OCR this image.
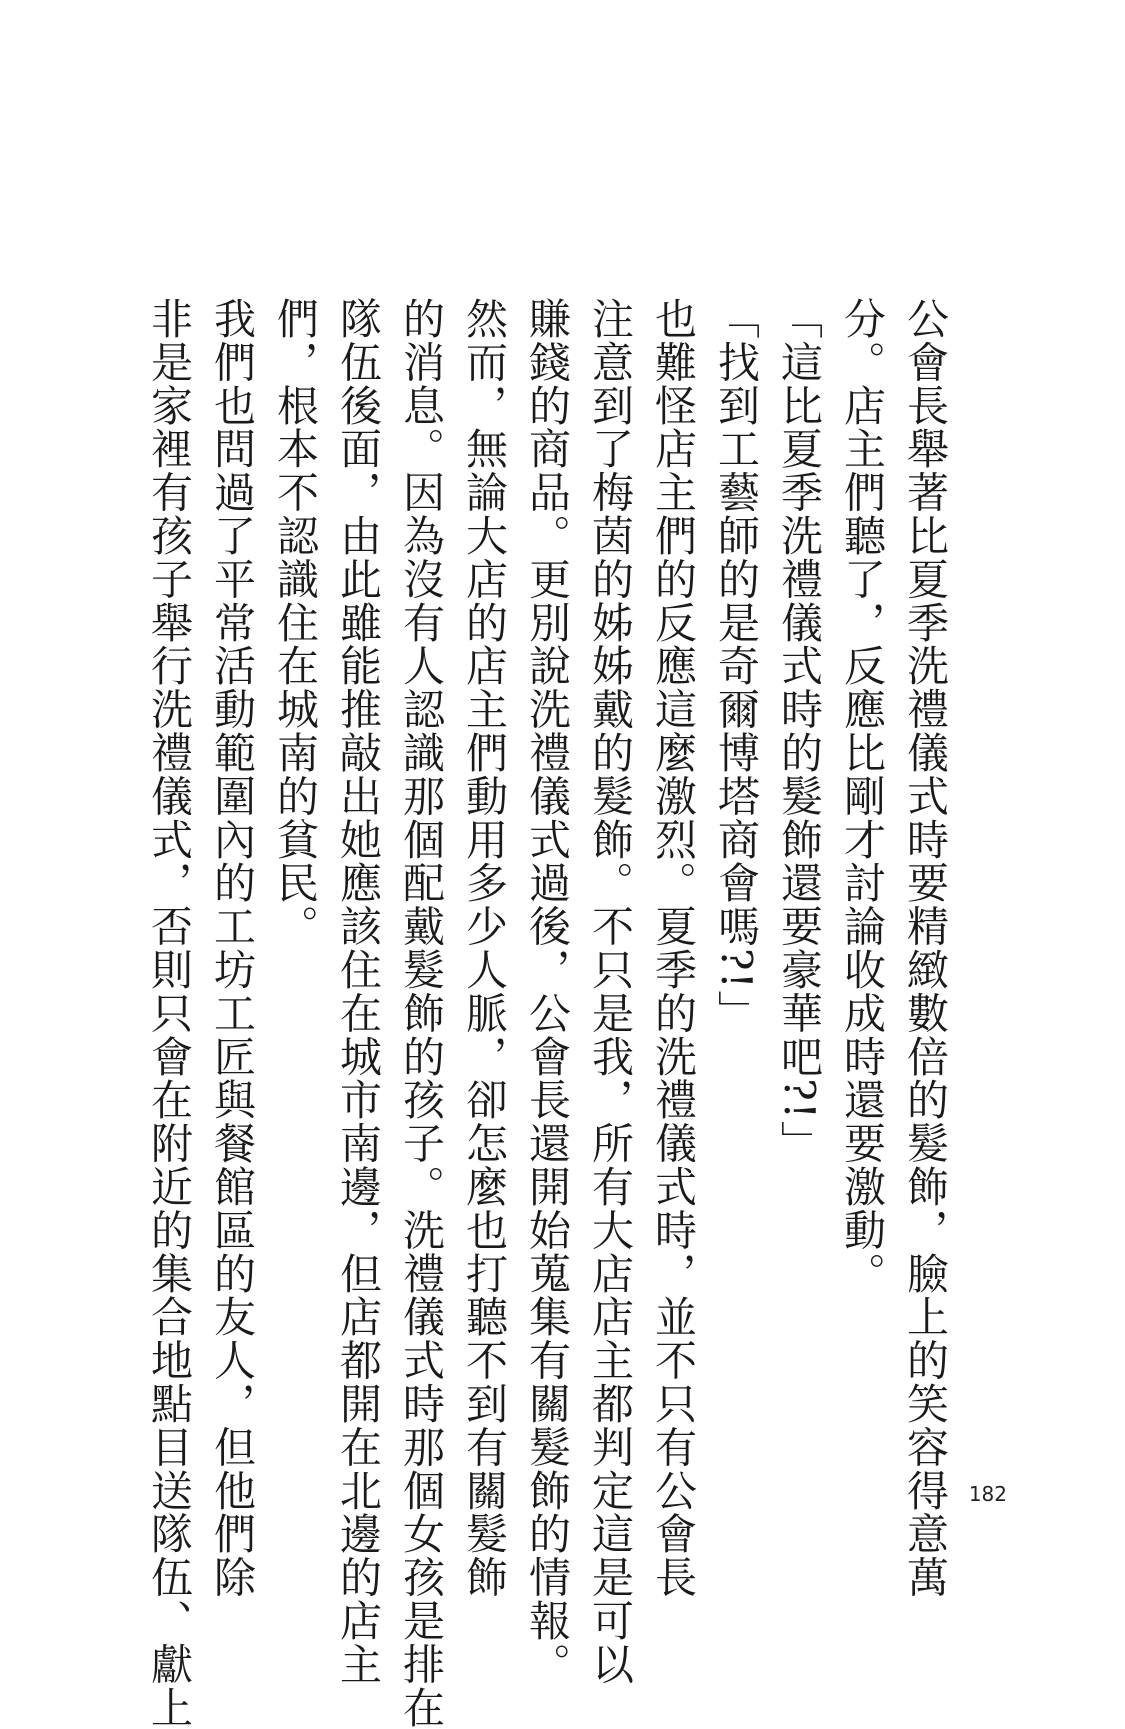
公會長舉著比夏季洗禮儀式時要精緻數倍的髮飾，臉上的笑容得意萬
分。店主們聽了，反應比剛才討論收成時還要激動。
「這比夏季洗禮儀式時的髮飾還要豪華吧?!」
「找到工藝師的是奇爾博塔商會嗎?!」
也難怪店主們的反應這麼激烈。夏季的洗禮儀式時，並不只有公會長
注意到了梅茵的姊姊戴的髮飾。不只是我，所有大店店主都判定這是可以
賺錢的商品。更別說洗禮儀式過後，公會長還開始蒐集有關髮飾的情報。
然而，無論大店的店主們動用多少人脈，卻怎麼也打聽不到有關髮飾
的消息。因為沒有人認識那個配戴髮飾的孩子。洗禮儀式時那個女孩是排在
隊伍後面，由此雖能推敲出她應該住在城市南邊，但店都開在北邊的店主
們，根本不認識住在城南的貧民。
我們也問過了平常活動範圍內的工坊工匠與餐館區的友人，但他們除
非是家裡有孩子舉行洗禮儀式，否則只會在附近的集合地點目送隊伍、獻上	182
